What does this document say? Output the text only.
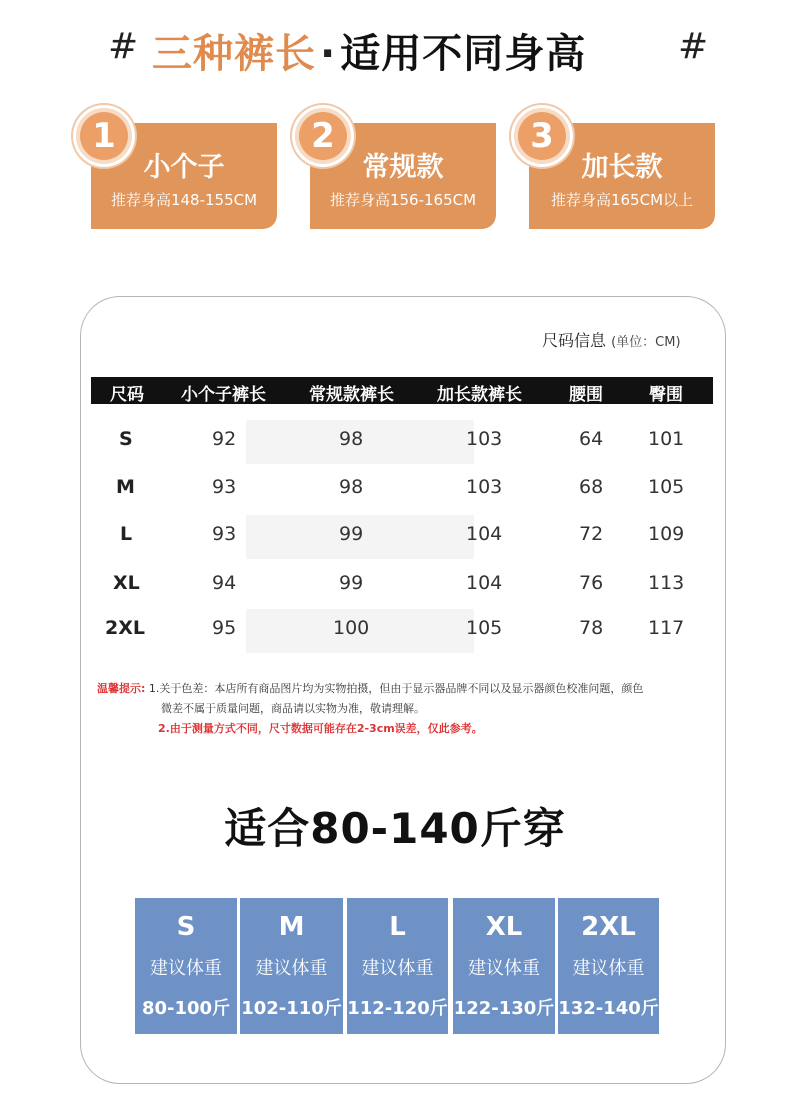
# 三种裤长 · 适用不同身高	#
1
小个子
推荐身高148-155CM
2
常规款
推荐身高156-165CM
3
加长款
推荐身高165CM以上
尺码信息 (单位：CM)
尺码 小个子裤长	常规款裤长	加长款裤长	腰围	臀围
S	92	98	103	64 101
M	93	98	103	68 105
L	93	99	104	72 109
XL	94	99	104	76 113
2XL	95	100	105	78 117
温馨提示: 1.关于色差：本店所有商品图片均为实物拍摄，但由于显示器品牌不同以及显示器颜色校准问题，颜色
微差不属于质量问题，商品请以实物为准，敬请理解。
2.由于测量方式不同，尺寸数据可能存在2-3cm误差，仅此参考。
适合80-140斤穿
S
建议体重
80-100斤
M
建议体重
102-110斤
L
建议体重
112-120斤
XL
建议体重
122-130斤
2XL
建议体重
132-140斤
